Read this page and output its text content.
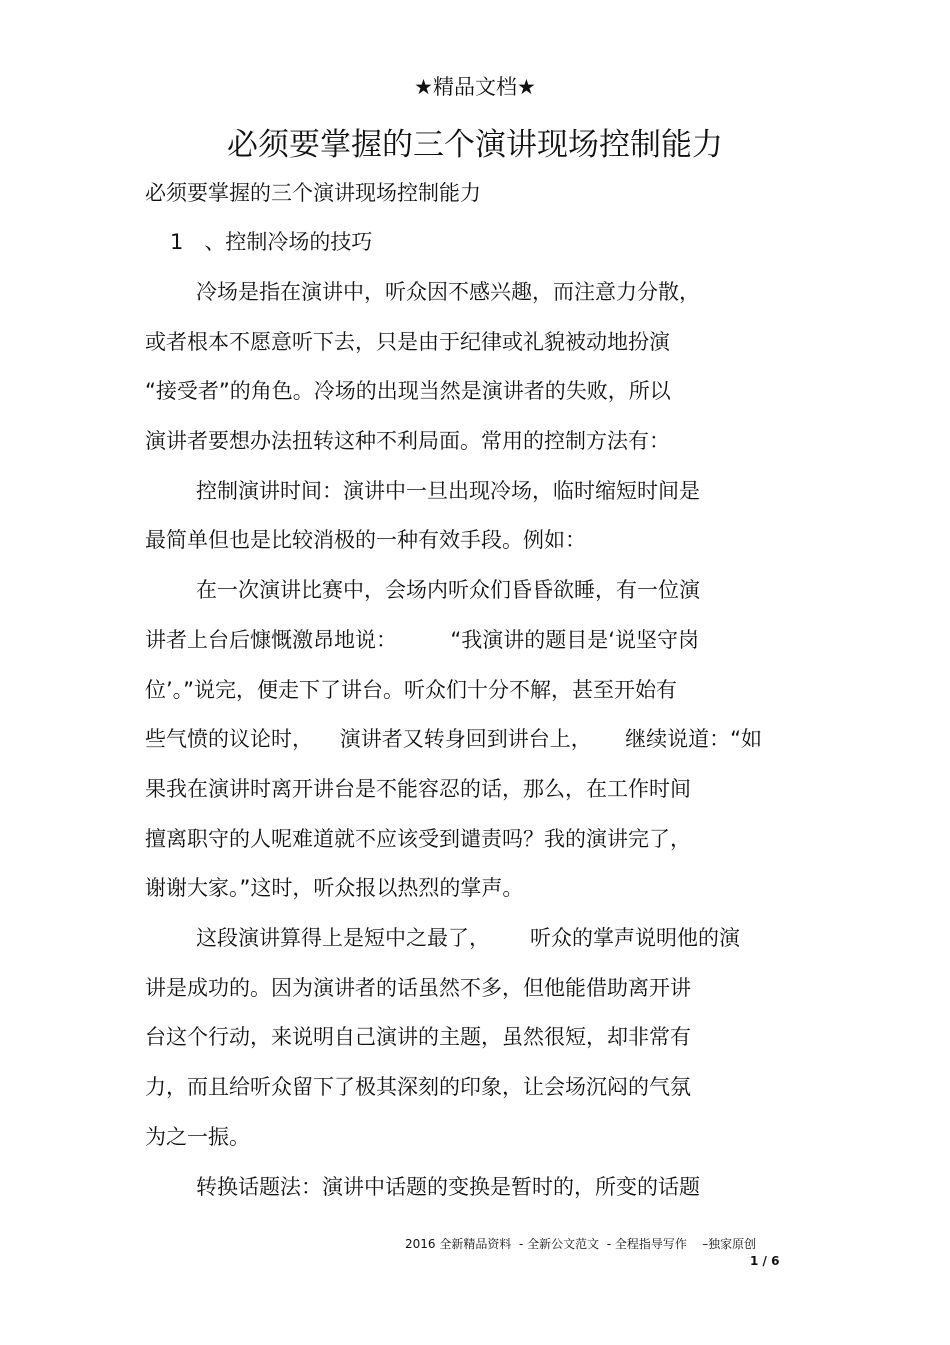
★精品文档★
必须要掌握的三个演讲现场控制能力
必须要掌握的三个演讲现场控制能力
1　、控制冷场的技巧
冷场是指在演讲中，听众因不感兴趣，而注意力分散，
或者根本不愿意听下去，只是由于纪律或礼貌被动地扮演
“接受者”的角色。冷场的出现当然是演讲者的失败，所以
演讲者要想办法扭转这种不利局面。常用的控制方法有：
控制演讲时间：演讲中一旦出现冷场，临时缩短时间是
最简单但也是比较消极的一种有效手段。例如：
在一次演讲比赛中，会场内听众们昏昏欲睡，有一位演
讲者上台后慷慨激昂地说：        “我演讲的题目是‘说坚守岗
位’。”说完，便走下了讲台。听众们十分不解，甚至开始有
些气愤的议论时，    演讲者又转身回到讲台上，     继续说道：“如
果我在演讲时离开讲台是不能容忍的话，那么，在工作时间
擅离职守的人呢难道就不应该受到谴责吗？我的演讲完了，
谢谢大家。”这时，听众报以热烈的掌声。
这段演讲算得上是短中之最了，      听众的掌声说明他的演
讲是成功的。因为演讲者的话虽然不多，但他能借助离开讲
台这个行动，来说明自己演讲的主题，虽然很短，却非常有
力，而且给听众留下了极其深刻的印象，让会场沉闷的气氛
为之一振。
转换话题法：演讲中话题的变换是暂时的，所变的话题
2016 全新精品资料  - 全新公文范文  - 全程指导写作    –独家原创
1 / 6
